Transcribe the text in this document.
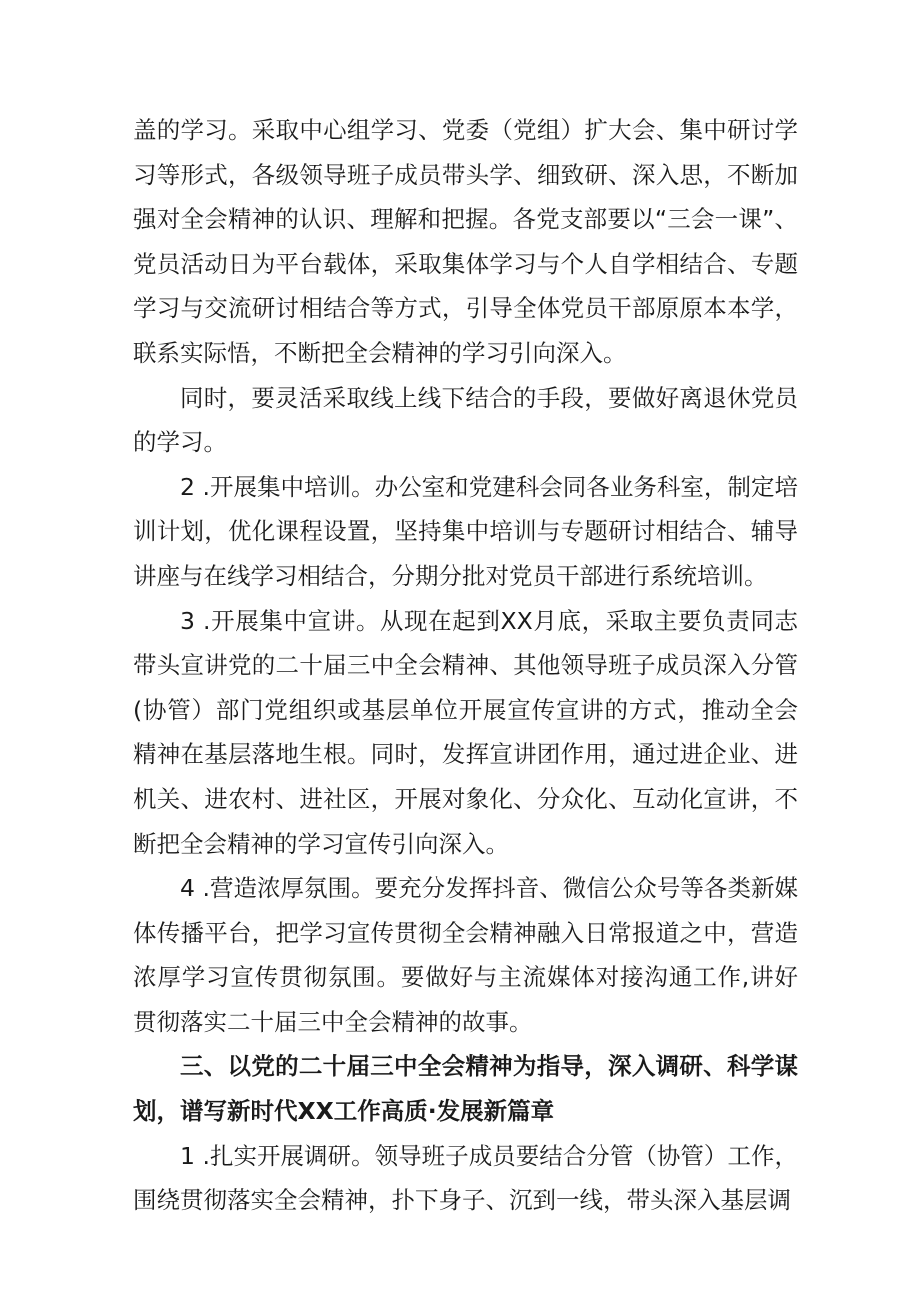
盖的学习。采取中心组学习、党委（党组）扩大会、集中研讨学习等形式，各级领导班子成员带头学、细致研、深入思，不断加强对全会精神的认识、理解和把握。各党支部要以“三会一课”、党员活动日为平台载体，采取集体学习与个人自学相结合、专题学习与交流研讨相结合等方式，引导全体党员干部原原本本学，联系实际悟，不断把全会精神的学习引向深入。

同时，要灵活采取线上线下结合的手段，要做好离退休党员的学习。

2 .开展集中培训。办公室和党建科会同各业务科室，制定培训计划，优化课程设置，坚持集中培训与专题研讨相结合、辅导讲座与在线学习相结合，分期分批对党员干部进行系统培训。

3 .开展集中宣讲。从现在起到XX月底，采取主要负责同志带头宣讲党的二十届三中全会精神、其他领导班子成员深入分管(协管）部门党组织或基层单位开展宣传宣讲的方式，推动全会精神在基层落地生根。同时，发挥宣讲团作用，通过进企业、进机关、进农村、进社区，开展对象化、分众化、互动化宣讲，不断把全会精神的学习宣传引向深入。

4 .营造浓厚氛围。要充分发挥抖音、微信公众号等各类新媒体传播平台，把学习宣传贯彻全会精神融入日常报道之中，营造浓厚学习宣传贯彻氛围。要做好与主流媒体对接沟通工作,讲好贯彻落实二十届三中全会精神的故事。

三、以党的二十届三中全会精神为指导，深入调研、科学谋划，谱写新时代XX工作高质·发展新篇章

1 .扎实开展调研。领导班子成员要结合分管（协管）工作，围绕贯彻落实全会精神，扑下身子、沉到一线，带头深入基层调
